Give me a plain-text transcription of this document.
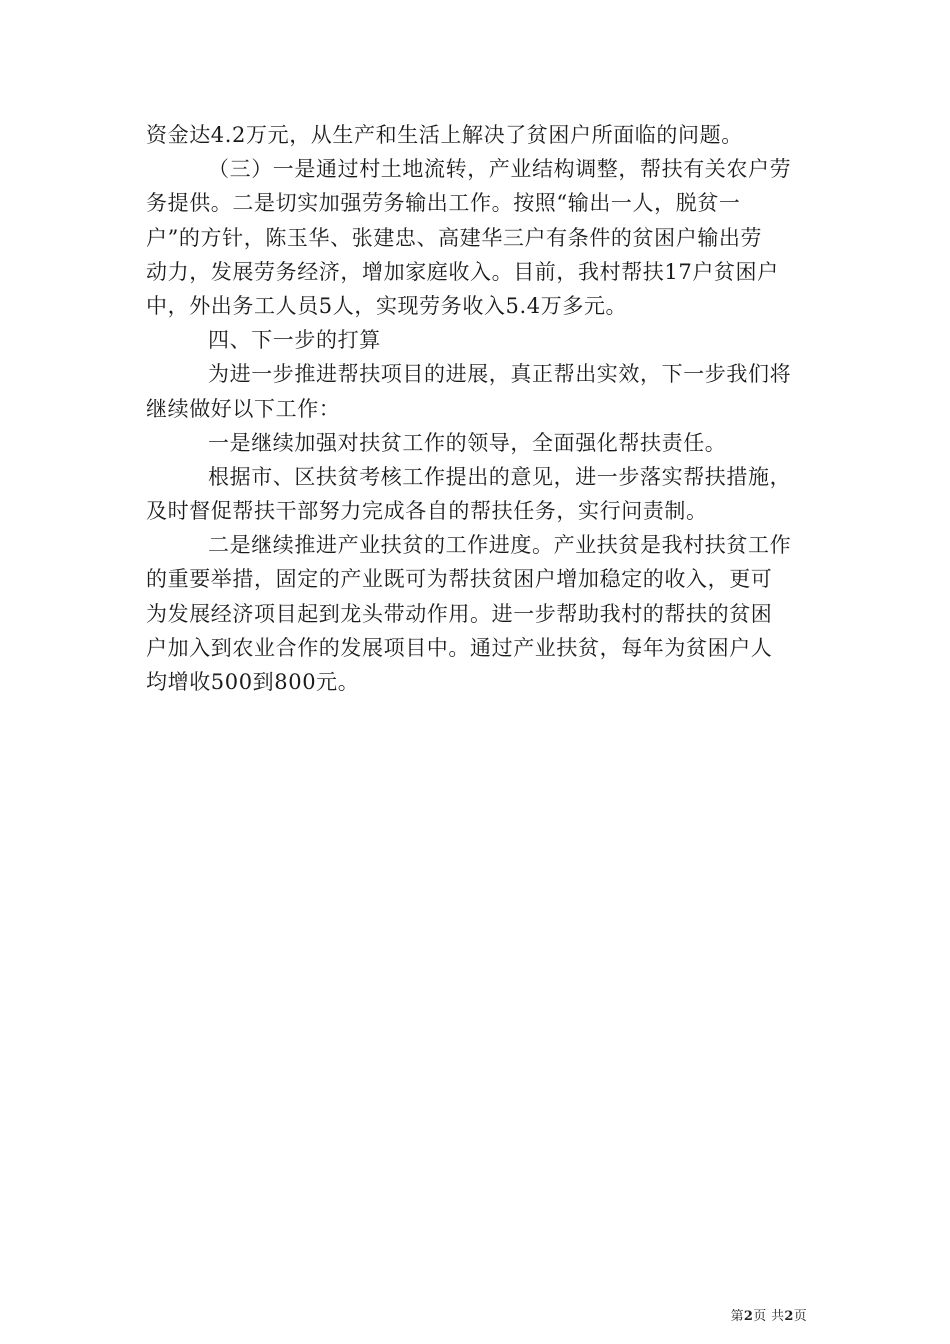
资金达4.2万元，从生产和生活上解决了贫困户所面临的问题。
（三）一是通过村土地流转，产业结构调整，帮扶有关农户劳
务提供。二是切实加强劳务输出工作。按照“输出一人，脱贫一
户”的方针，陈玉华、张建忠、高建华三户有条件的贫困户输出劳
动力，发展劳务经济，增加家庭收入。目前，我村帮扶17户贫困户
中，外出务工人员5人，实现劳务收入5.4万多元。
四、下一步的打算
为进一步推进帮扶项目的进展，真正帮出实效，下一步我们将
继续做好以下工作：
一是继续加强对扶贫工作的领导，全面强化帮扶责任。
根据市、区扶贫考核工作提出的意见，进一步落实帮扶措施，
及时督促帮扶干部努力完成各自的帮扶任务，实行问责制。
二是继续推进产业扶贫的工作进度。产业扶贫是我村扶贫工作
的重要举措，固定的产业既可为帮扶贫困户增加稳定的收入，更可
为发展经济项目起到龙头带动作用。进一步帮助我村的帮扶的贫困
户加入到农业合作的发展项目中。通过产业扶贫，每年为贫困户人
均增收500到800元。
第2页 共2页
